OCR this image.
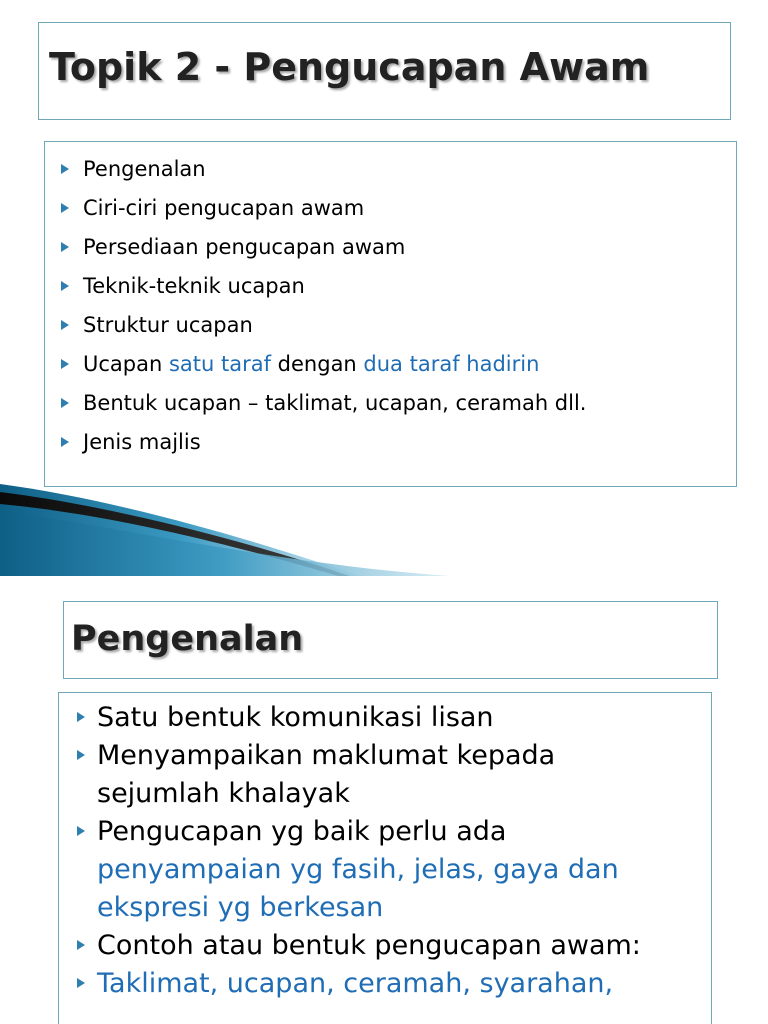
Topik 2 - Pengucapan Awam
Pengenalan
Ciri-ciri pengucapan awam
Persediaan pengucapan awam
Teknik-teknik ucapan
Struktur ucapan
Ucapan satu taraf dengan dua taraf hadirin
Bentuk ucapan – taklimat, ucapan, ceramah dll.
Jenis majlis
Pengenalan
Satu bentuk komunikasi lisan
Menyampaikan maklumat kepada
sejumlah khalayak
Pengucapan yg baik perlu ada
penyampaian yg fasih, jelas, gaya dan
ekspresi yg berkesan
Contoh atau bentuk pengucapan awam:
Taklimat, ucapan, ceramah, syarahan,
